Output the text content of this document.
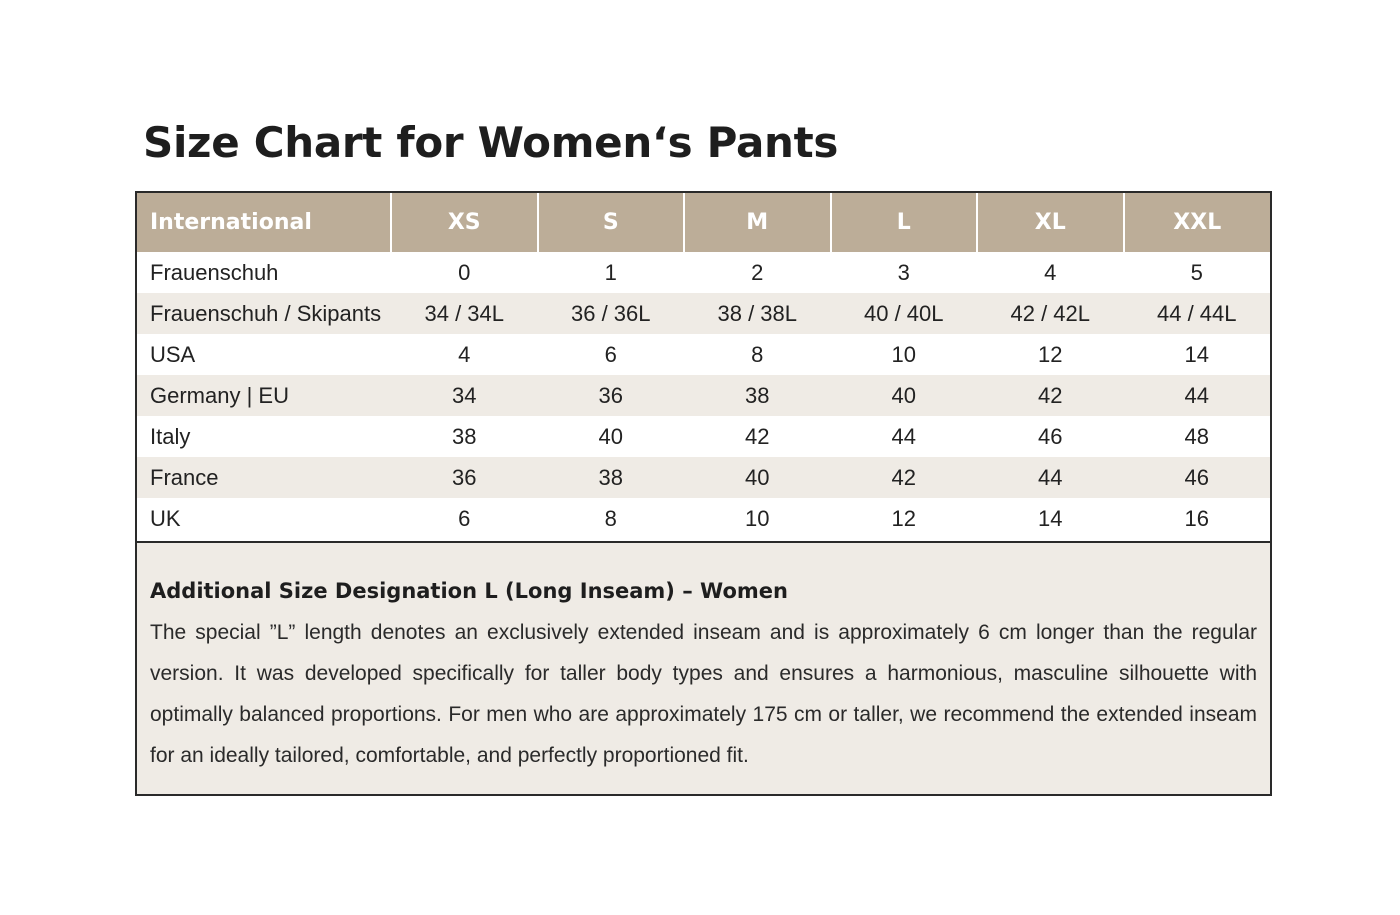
Size Chart for Women‘s Pants
International	XS	S	M	L	XL	XXL
Frauenschuh	0	1	2	3	4	5
Frauenschuh / Skipants	34 / 34L	36 / 36L	38 / 38L	40 / 40L	42 / 42L	44 / 44L
USA	4	6	8	10	12	14
Germany | EU	34	36	38	40	42	44
Italy	38	40	42	44	46	48
France	36	38	40	42	44	46
UK	6	8	10	12	14	16

Additional Size Designation L (Long Inseam) – Women

The special ”L” length denotes an exclusively extended inseam and is approximately 6 cm longer than the regular version. It was developed specifically for taller body types and ensures a harmonious, masculine silhouette with optimally balanced proportions. For men who are approximately 175 cm or taller, we recommend the extended inseam for an ideally tailored, comfortable, and perfectly proportioned fit.
